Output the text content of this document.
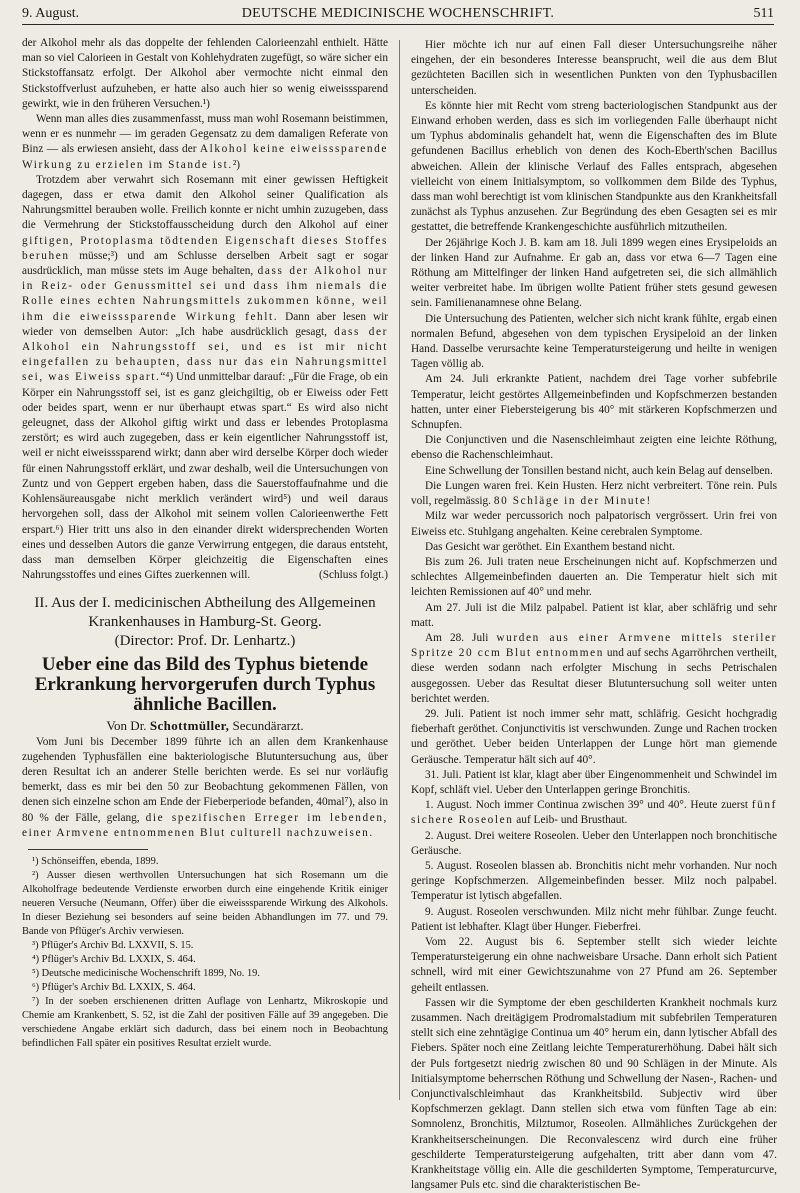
9. August.	DEUTSCHE MEDICINISCHE WOCHENSCHRIFT.	511

der Alkohol mehr als das doppelte der fehlenden Calorieenzahl enthielt. Hätte man so viel Calorieen in Gestalt von Kohlehydraten zugefügt, so wäre sicher ein Stickstoffansatz erfolgt. Der Alkohol aber vermochte nicht einmal den Stickstoffverlust aufzuheben, er hatte also auch hier so wenig eiweisssparend gewirkt, wie in den früheren Versuchen.¹)

Wenn man alles dies zusammenfasst, muss man wohl Rosemann beistimmen, wenn er es nunmehr — im geraden Gegensatz zu dem damaligen Referate von Binz — als erwiesen ansieht, dass der Alkohol keine eiweisssparende Wirkung zu erzielen im Stande ist.²)

Trotzdem aber verwahrt sich Rosemann mit einer gewissen Heftigkeit dagegen, dass er etwa damit den Alkohol seiner Qualification als Nahrungsmittel berauben wolle. Freilich konnte er nicht umhin zuzugeben, dass die Vermehrung der Stickstoffausscheidung durch den Alkohol auf einer giftigen, Protoplasma tödtenden Eigenschaft dieses Stoffes beruhen müsse;³) und am Schlusse derselben Arbeit sagt er sogar ausdrücklich, man müsse stets im Auge behalten, dass der Alkohol nur in Reiz- oder Genussmittel sei und dass ihm niemals die Rolle eines echten Nahrungsmittels zukommen könne, weil ihm die eiweisssparende Wirkung fehlt. Dann aber lesen wir wieder von demselben Autor: „Ich habe ausdrücklich gesagt, dass der Alkohol ein Nahrungsstoff sei, und es ist mir nicht eingefallen zu behaupten, dass nur das ein Nahrungsmittel sei, was Eiweiss spart.“⁴) Und unmittelbar darauf: „Für die Frage, ob ein Körper ein Nahrungsstoff sei, ist es ganz gleichgiltig, ob er Eiweiss oder Fett oder beides spart, wenn er nur überhaupt etwas spart.“ Es wird also nicht geleugnet, dass der Alkohol giftig wirkt und dass er lebendes Protoplasma zerstört; es wird auch zugegeben, dass er kein eigentlicher Nahrungsstoff ist, weil er nicht eiweisssparend wirkt; dann aber wird derselbe Körper doch wieder für einen Nahrungsstoff erklärt, und zwar deshalb, weil die Untersuchungen von Zuntz und von Geppert ergeben haben, dass die Sauerstoffaufnahme und die Kohlensäureausgabe nicht merklich verändert wird⁵) und weil daraus hervorgehen soll, dass der Alkohol mit seinem vollen Calorieenwerthe Fett erspart.⁶) Hier tritt uns also in den einander direkt widersprechenden Worten eines und desselben Autors die ganze Verwirrung entgegen, die daraus entsteht, dass man demselben Körper gleichzeitig die Eigenschaften eines Nahrungsstoffes und eines Giftes zuerkennen will.	(Schluss folgt.)

II. Aus der I. medicinischen Abtheilung des Allgemeinen
Krankenhauses in Hamburg-St. Georg.
(Director: Prof. Dr. Lenhartz.)
Ueber eine das Bild des Typhus bietende Erkrankung hervorgerufen durch Typhus ähnliche Bacillen.
Von Dr. Schottmüller, Secundärarzt.

Vom Juni bis December 1899 führte ich an allen dem Krankenhause zugehenden Typhusfällen eine bakteriologische Blutuntersuchung aus, über deren Resultat ich an anderer Stelle berichten werde. Es sei nur vorläufig bemerkt, dass es mir bei den 50 zur Beobachtung gekommenen Fällen, von denen sich einzelne schon am Ende der Fieberperiode befanden, 40mal⁷), also in 80 % der Fälle, gelang, die spezifischen Erreger im lebenden, einer Armvene entnommenen Blut culturell nachzuweisen.

¹) Schönseiffen, ebenda, 1899.

²) Ausser diesen werthvollen Untersuchungen hat sich Rosemann um die Alkoholfrage bedeutende Verdienste erworben durch eine eingehende Kritik einiger neueren Versuche (Neumann, Offer) über die eiweisssparende Wirkung des Alkohols. In dieser Beziehung sei besonders auf seine beiden Abhandlungen im 77. und 79. Bande von Pflüger's Archiv verwiesen.

³) Pflüger's Archiv Bd. LXXVII, S. 15.

⁴) Pflüger's Archiv Bd. LXXIX, S. 464.

⁵) Deutsche medicinische Wochenschrift 1899, No. 19.

⁶) Pflüger's Archiv Bd. LXXIX, S. 464.

⁷) In der soeben erschienenen dritten Auflage von Lenhartz, Mikroskopie und Chemie am Krankenbett, S. 52, ist die Zahl der positiven Fälle auf 39 angegeben. Die verschiedene Angabe erklärt sich dadurch, dass bei einem noch in Beobachtung befindlichen Fall später ein positives Resultat erzielt wurde.

Hier möchte ich nur auf einen Fall dieser Untersuchungsreihe näher eingehen, der ein besonderes Interesse beansprucht, weil die aus dem Blut gezüchteten Bacillen sich in wesentlichen Punkten von den Typhusbacillen unterscheiden.

Es könnte hier mit Recht vom streng bacteriologischen Standpunkt aus der Einwand erhoben werden, dass es sich im vorliegenden Falle überhaupt nicht um Typhus abdominalis gehandelt hat, wenn die Eigenschaften des im Blute gefundenen Bacillus erheblich von denen des Koch-Eberth'schen Bacillus abweichen. Allein der klinische Verlauf des Falles entsprach, abgesehen vielleicht von einem Initialsymptom, so vollkommen dem Bilde des Typhus, dass man wohl berechtigt ist vom klinischen Standpunkte aus den Krankheitsfall zunächst als Typhus anzusehen. Zur Begründung des eben Gesagten sei es mir gestattet, die betreffende Krankengeschichte ausführlich mitzutheilen.

Der 26jährige Koch J. B. kam am 18. Juli 1899 wegen eines Erysipeloids an der linken Hand zur Aufnahme. Er gab an, dass vor etwa 6—7 Tagen eine Röthung am Mittelfinger der linken Hand aufgetreten sei, die sich allmählich weiter verbreitet habe. Im übrigen wollte Patient früher stets gesund gewesen sein. Familienanamnese ohne Belang.

Die Untersuchung des Patienten, welcher sich nicht krank fühlte, ergab einen normalen Befund, abgesehen von dem typischen Erysipeloid an der linken Hand. Dasselbe verursachte keine Temperatursteigerung und heilte in wenigen Tagen völlig ab.

Am 24. Juli erkrankte Patient, nachdem drei Tage vorher subfebrile Temperatur, leicht gestörtes Allgemeinbefinden und Kopfschmerzen bestanden hatten, unter einer Fiebersteigerung bis 40° mit stärkeren Kopfschmerzen und Schnupfen.

Die Conjunctiven und die Nasenschleimhaut zeigten eine leichte Röthung, ebenso die Rachenschleimhaut.

Eine Schwellung der Tonsillen bestand nicht, auch kein Belag auf denselben.

Die Lungen waren frei. Kein Husten. Herz nicht verbreitert. Töne rein. Puls voll, regelmässig. 80 Schläge in der Minute!

Milz war weder percussorich noch palpatorisch vergrössert. Urin frei von Eiweiss etc. Stuhlgang angehalten. Keine cerebralen Symptome.

Das Gesicht war geröthet. Ein Exanthem bestand nicht.

Bis zum 26. Juli traten neue Erscheinungen nicht auf. Kopfschmerzen und schlechtes Allgemeinbefinden dauerten an. Die Temperatur hielt sich mit leichten Remissionen auf 40° und mehr.

Am 27. Juli ist die Milz palpabel. Patient ist klar, aber schläfrig und sehr matt.

Am 28. Juli wurden aus einer Armvene mittels steriler Spritze 20 ccm Blut entnommen und auf sechs Agarröhrchen vertheilt, diese werden sodann nach erfolgter Mischung in sechs Petrischalen ausgegossen. Ueber das Resultat dieser Blutuntersuchung soll weiter unten berichtet werden.

29. Juli. Patient ist noch immer sehr matt, schläfrig. Gesicht hochgradig fieberhaft geröthet. Conjunctivitis ist verschwunden. Zunge und Rachen trocken und geröthet. Ueber beiden Unterlappen der Lunge hört man giemende Geräusche. Temperatur hält sich auf 40°.

31. Juli. Patient ist klar, klagt aber über Eingenommenheit und Schwindel im Kopf, schläft viel. Ueber den Unterlappen geringe Bronchitis.

1. August. Noch immer Continua zwischen 39° und 40°. Heute zuerst fünf sichere Roseolen auf Leib- und Brusthaut.

2. August. Drei weitere Roseolen. Ueber den Unterlappen noch bronchitische Geräusche.

5. August. Roseolen blassen ab. Bronchitis nicht mehr vorhanden. Nur noch geringe Kopfschmerzen. Allgemeinbefinden besser. Milz noch palpabel. Temperatur ist lytisch abgefallen.

9. August. Roseolen verschwunden. Milz nicht mehr fühlbar. Zunge feucht. Patient ist lebhafter. Klagt über Hunger. Fieberfrei.

Vom 22. August bis 6. September stellt sich wieder leichte Temperatursteigerung ein ohne nachweisbare Ursache. Dann erholt sich Patient schnell, wird mit einer Gewichtszunahme von 27 Pfund am 26. September geheilt entlassen.

Fassen wir die Symptome der eben geschilderten Krankheit nochmals kurz zusammen. Nach dreitägigem Prodromalstadium mit subfebrilen Temperaturen stellt sich eine zehntägige Continua um 40° herum ein, dann lytischer Abfall des Fiebers. Später noch eine Zeitlang leichte Temperaturerhöhung. Dabei hält sich der Puls fortgesetzt niedrig zwischen 80 und 90 Schlägen in der Minute. Als Initialsymptome beherrschen Röthung und Schwellung der Nasen-, Rachen- und Conjunctivalschleimhaut das Krankheitsbild. Subjectiv wird über Kopfschmerzen geklagt. Dann stellen sich etwa vom fünften Tage ab ein: Somnolenz, Bronchitis, Milztumor, Roseolen. Allmähliches Zurückgehen der Krankheitserscheinungen. Die Reconvalescenz wird durch eine früher geschilderte Temperatursteigerung aufgehalten, tritt aber dann vom 47. Krankheitstage völlig ein. Alle die geschilderten Symptome, Temperaturcurve, langsamer Puls etc. sind die charakteristischen Be-
